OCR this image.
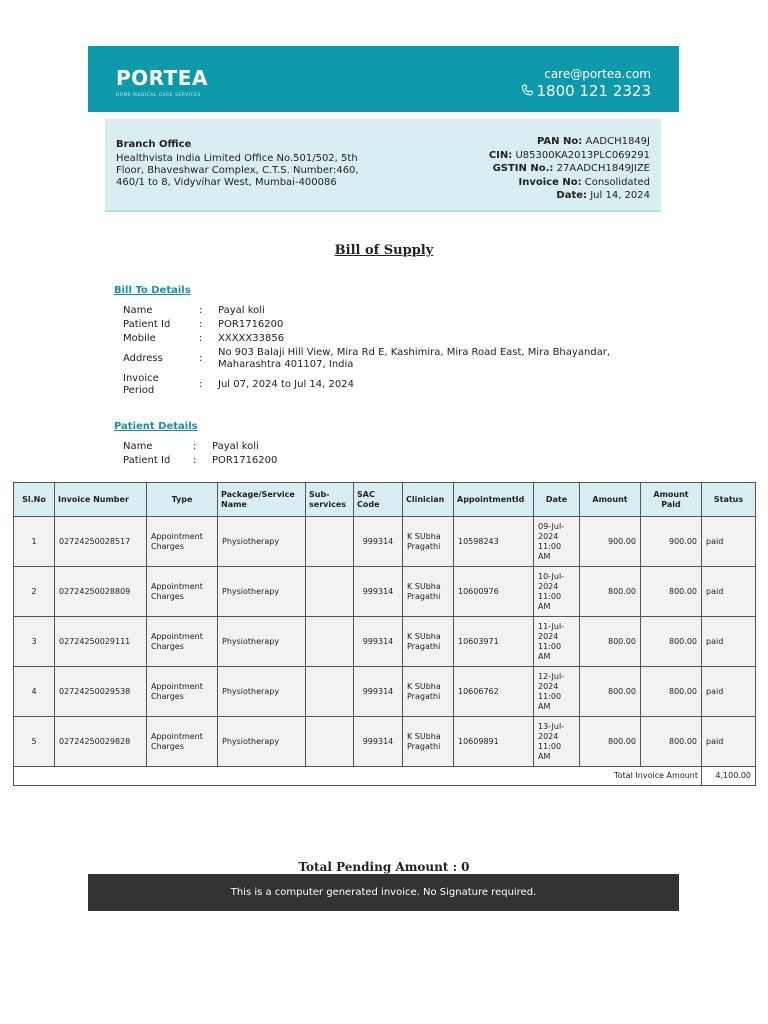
PORTEA
HOME MEDICAL CARE SERVICES
care@portea.com
1800 121 2323
Branch Office
Healthvista India Limited Office No.501/502, 5th
Floor, Bhaveshwar Complex, C.T.S. Number:460,
460/1 to 8, Vidyvihar West, Mumbai-400086
PAN No: AADCH1849J
CIN: U85300KA2013PLC069291
GSTIN No.: 27AADCH1849JIZE
Invoice No: Consolidated
Date: Jul 14, 2024
Bill of Supply
Bill To Details
Name	: Payal koli
Patient Id	: POR1716200
Mobile	: XXXXX33856
Address	:
No 903 Balaji Hill View, Mira Rd E, Kashimira, Mira Road East, Mira Bhayandar,
Maharashtra 401107, India
Invoice
Period
: Jul 07, 2024 to Jul 14, 2024
Patient Details
Name	: Payal koli
Patient Id : POR1716200
Sl.No	Invoice Number	Type	Package/Service Name	Sub-services	SAC Code	Clinician	AppointmentId	Date	Amount	Amount Paid	Status
1	02724250028517	Appointment Charges	Physiotherapy		999314	K SUbha Pragathi	10598243	09-Jul-2024 11:00 AM	900.00	900.00	paid
2	02724250028809	Appointment Charges	Physiotherapy		999314	K SUbha Pragathi	10600976	10-Jul-2024 11:00 AM	800.00	800.00	paid
3	02724250029111	Appointment Charges	Physiotherapy		999314	K SUbha Pragathi	10603971	11-Jul-2024 11:00 AM	800.00	800.00	paid
4	02724250029538	Appointment Charges	Physiotherapy		999314	K SUbha Pragathi	10606762	12-Jul-2024 11:00 AM	800.00	800.00	paid
5	02724250029828	Appointment Charges	Physiotherapy		999314	K SUbha Pragathi	10609891	13-Jul-2024 11:00 AM	800.00	800.00	paid
Total Invoice Amount											4,100.00
Total Pending Amount : 0
This is a computer generated invoice. No Signature required.
